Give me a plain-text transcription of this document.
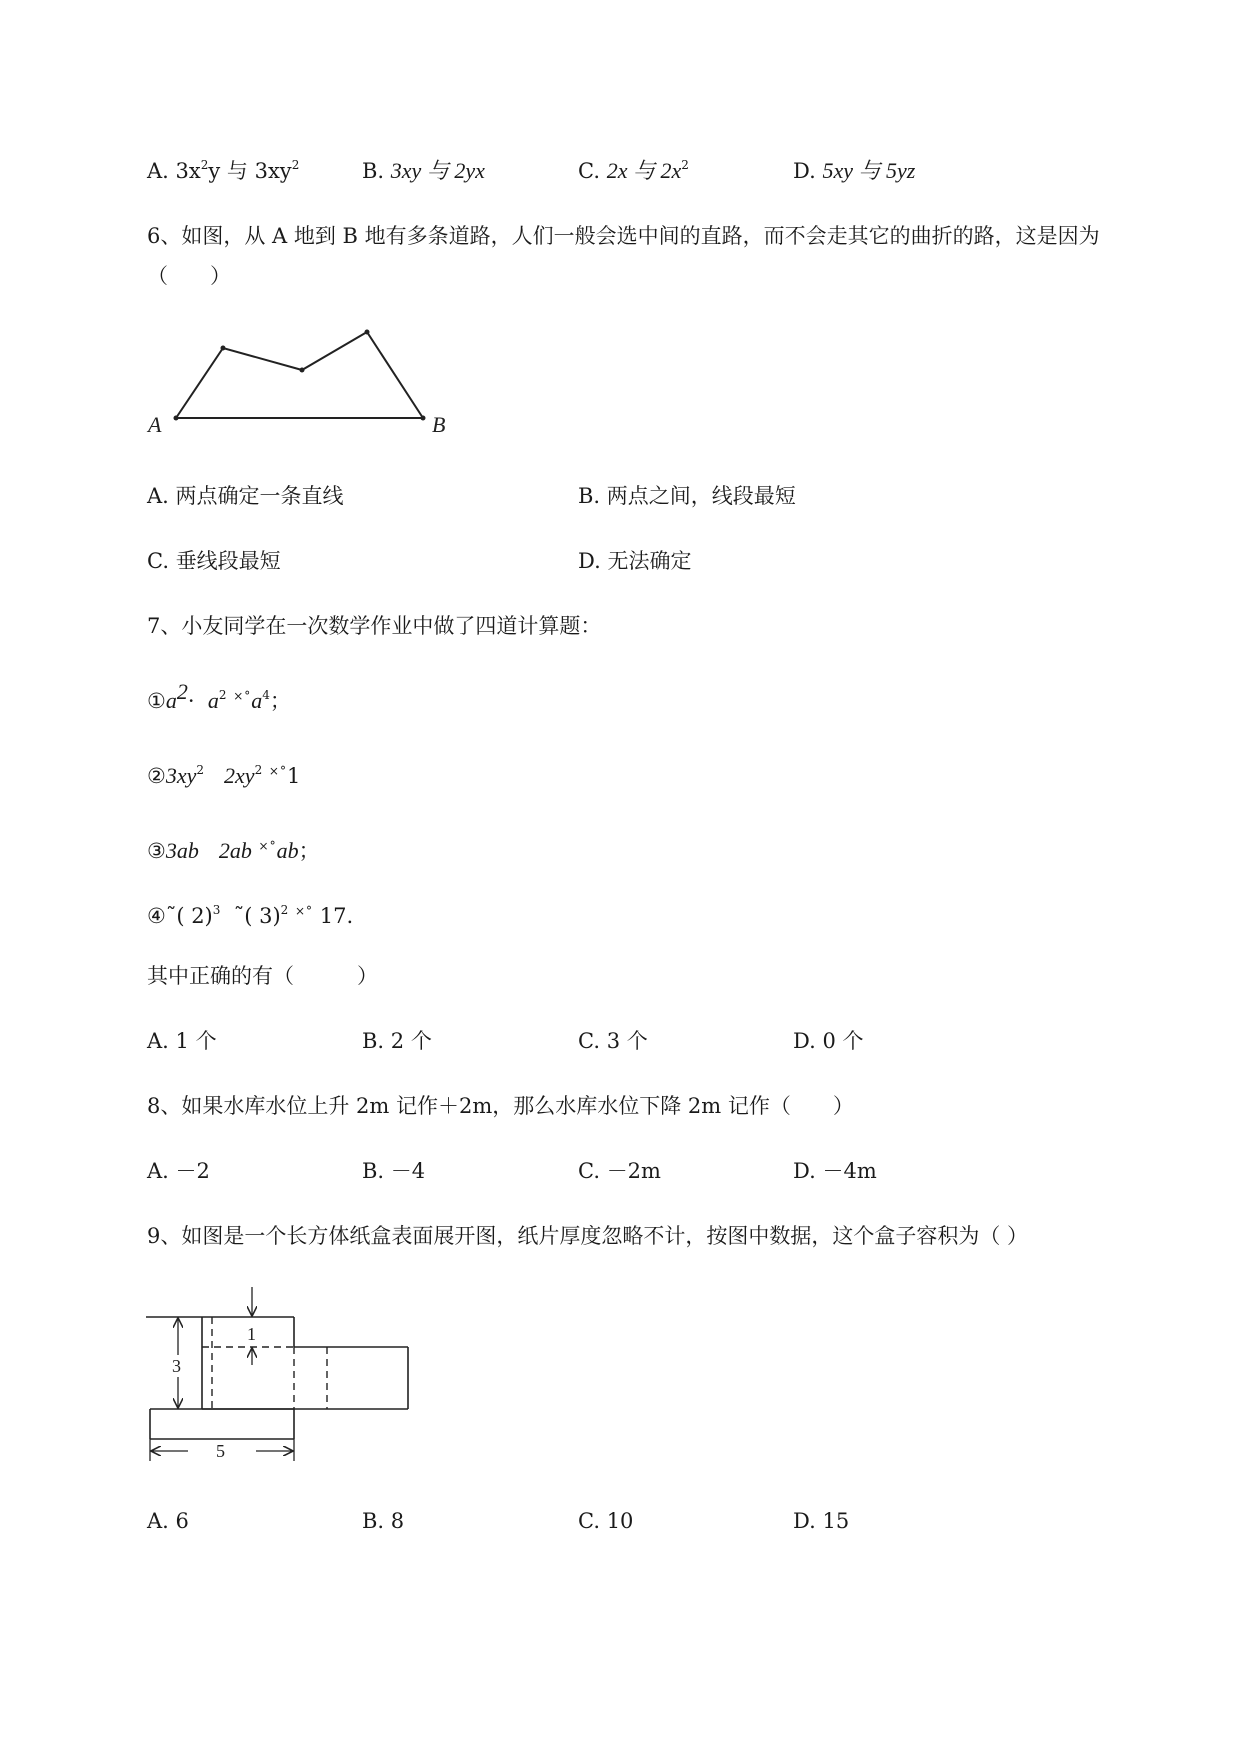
A. $3x^2y$ 与 $3xy^2$	B. 3xy 与 2yx	C. 2x 与 $2x^2$	D. 5xy 与 5yz
6、如图，从 A 地到 B 地有多条道路，人们一般会选中间的直路，而不会走其它的曲折的路，这是因为
（　　）
A	B
A. 两点确定一条直线	B. 两点之间，线段最短
C. 垂线段最短	D. 无法确定
7、小友同学在一次数学作业中做了四道计算题：
$①a^2\cdot a^2$ $^{\times^\circ}a^4$；
$②3xy^2$ $2xy^2$ ×°1
③3ab 2ab ×°ab；
④˜( 2)$^3$ ˜( 3)$^2$ ×° 17.
其中正确的有（　　　）
A. 1 个	B. 2 个	C. 3 个	D. 0 个
8、如果水库水位上升 2m 记作＋2m，那么水库水位下降 2m 记作（　　）
A. －2	B. －4	C. －2m	D. －4m
9、如图是一个长方体纸盒表面展开图，纸片厚度忽略不计，按图中数据，这个盒子容积为（ ）
3
1
5
A. 6	B. 8	C. 10	D. 15
